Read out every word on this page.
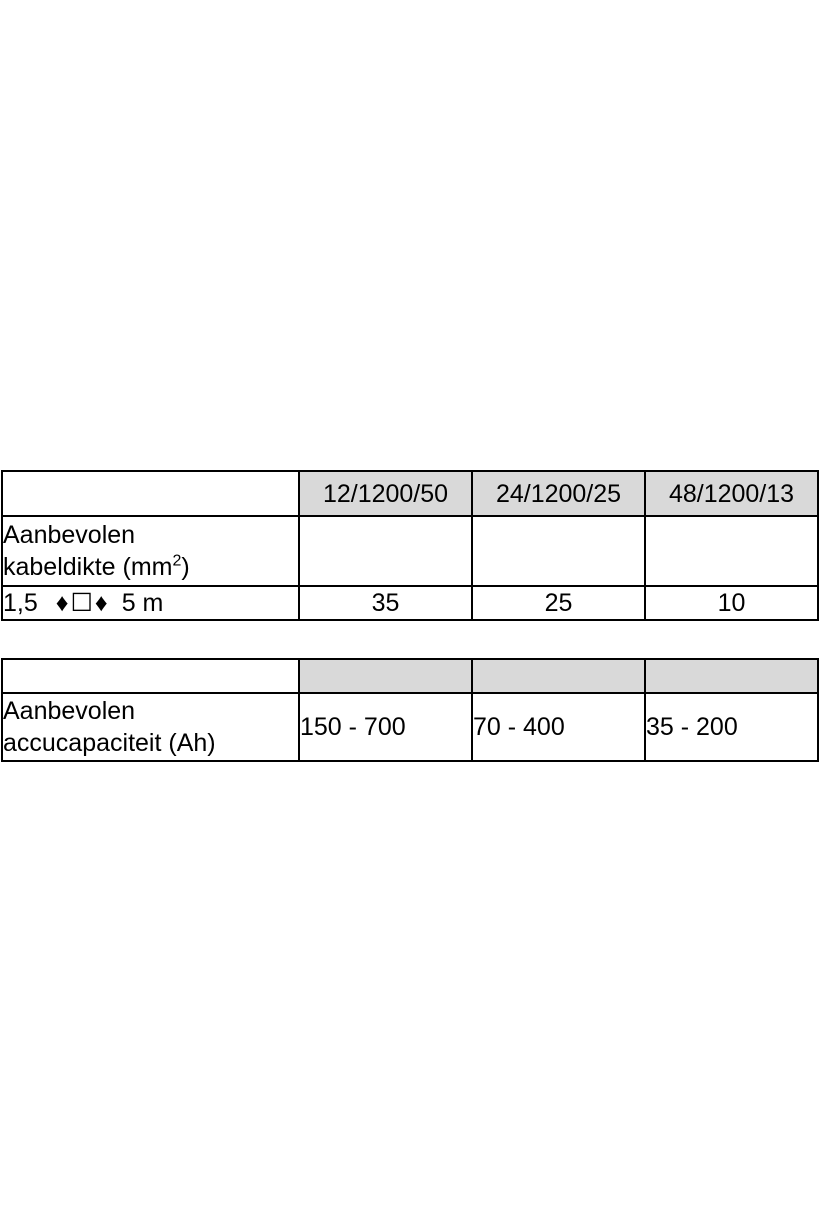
	12/1200/50	24/1200/25	48/1200/13

Aanbevolen
kabeldikte $(mm^2)$			

1,5 ♦☐♦ 5 m	35	25	10

Aanbevolen
accucapaciteit (Ah)	150 - 700	70 - 400	35 - 200
